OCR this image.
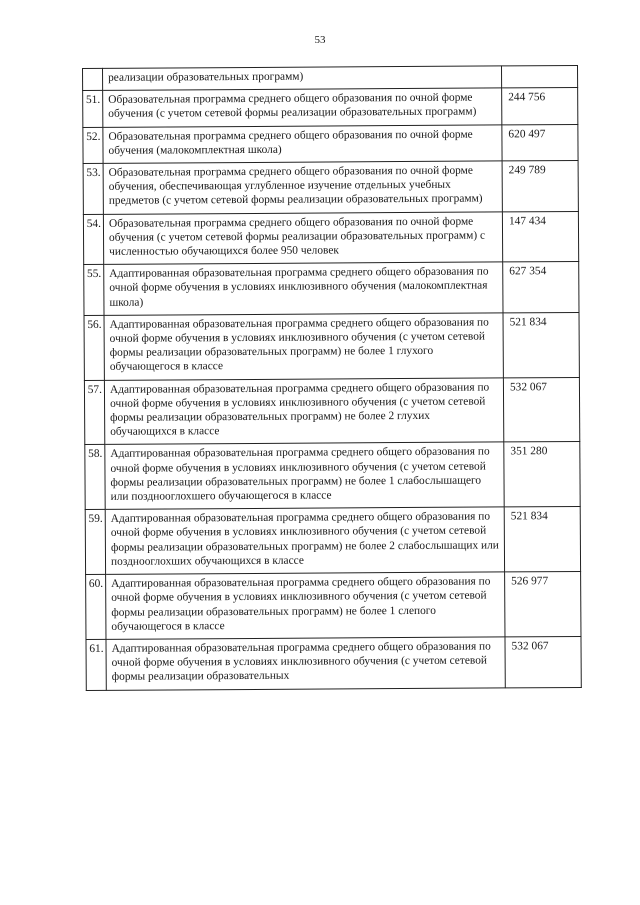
53
	реализации образовательных программ)	
51.	Образовательная программа среднего общего образования по очной форме обучения (с учетом сетевой формы реализации образовательных программ)	244 756
52.	Образовательная программа среднего общего образования по очной форме обучения (малокомплектная школа)	620 497
53.	Образовательная программа среднего общего образования по очной форме обучения, обеспечивающая углубленное изучение отдельных учебных предметов (с учетом сетевой формы реализации образовательных программ)	249 789
54.	Образовательная программа среднего общего образования по очной форме обучения (с учетом сетевой формы реализации образовательных программ) с численностью обучающихся более 950 человек	147 434
55.	Адаптированная образовательная программа среднего общего образования по очной форме обучения в условиях инклюзивного обучения (малокомплектная школа)	627 354
56.	Адаптированная образовательная программа среднего общего образования по очной форме обучения в условиях инклюзивного обучения (с учетом сетевой формы реализации образовательных программ) не более 1 глухого обучающегося в классе	521 834
57.	Адаптированная образовательная программа среднего общего образования по очной форме обучения в условиях инклюзивного обучения (с учетом сетевой формы реализации образовательных программ) не более 2 глухих обучающихся в классе	532 067
58.	Адаптированная образовательная программа среднего общего образования по очной форме обучения в условиях инклюзивного обучения (с учетом сетевой формы реализации образовательных программ) не более 1 слабослышащего или позднооглохшего обучающегося в классе	351 280
59.	Адаптированная образовательная программа среднего общего образования по очной форме обучения в условиях инклюзивного обучения (с учетом сетевой формы реализации образовательных программ) не более 2 слабослышащих или позднооглохших обучающихся в классе	521 834
60.	Адаптированная образовательная программа среднего общего образования по очной форме обучения в условиях инклюзивного обучения (с учетом сетевой формы реализации образовательных программ) не более 1 слепого обучающегося в классе	526 977
61.	Адаптированная образовательная программа среднего общего образования по очной форме обучения в условиях инклюзивного обучения (с учетом сетевой формы реализации образовательных	532 067
